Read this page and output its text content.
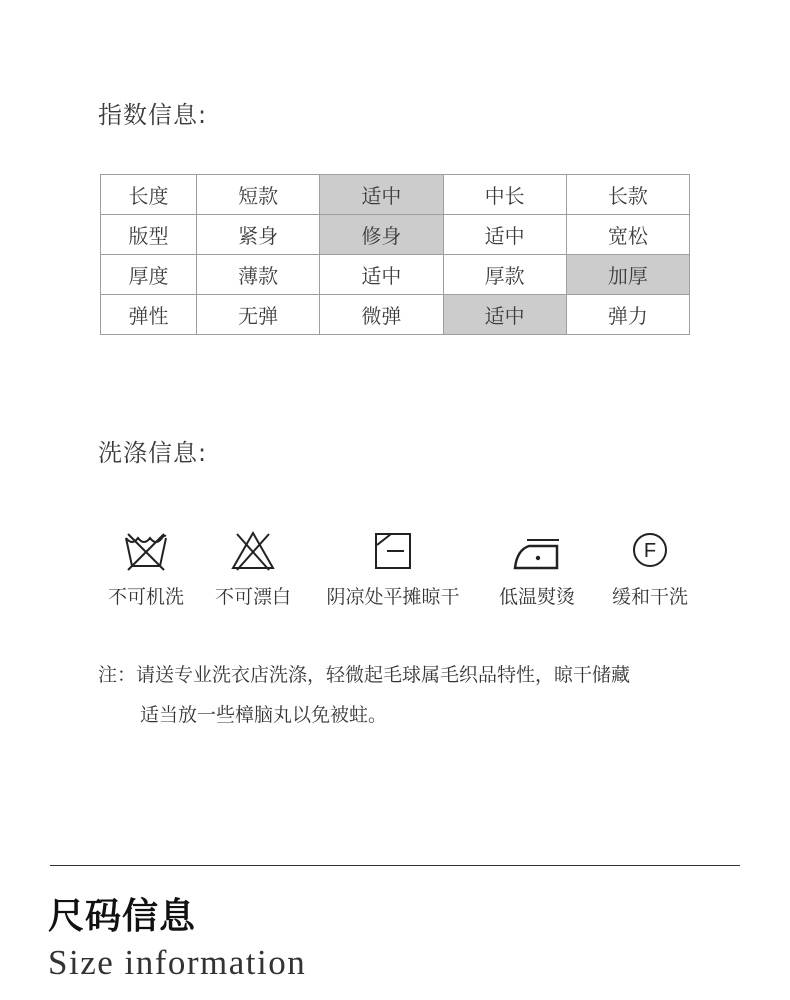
指数信息:
长度	短款	适中	中长	长款
版型	紧身	修身	适中	宽松
厚度	薄款	适中	厚款	加厚
弹性	无弹	微弹	适中	弹力
洗涤信息:
不可机洗 不可漂白 阴凉处平摊晾干 低温熨烫
F
缓和干洗
注：请送专业洗衣店洗涤，轻微起毛球属毛织品特性，晾干储藏
适当放一些樟脑丸以免被蛀。
尺码信息
Size information
